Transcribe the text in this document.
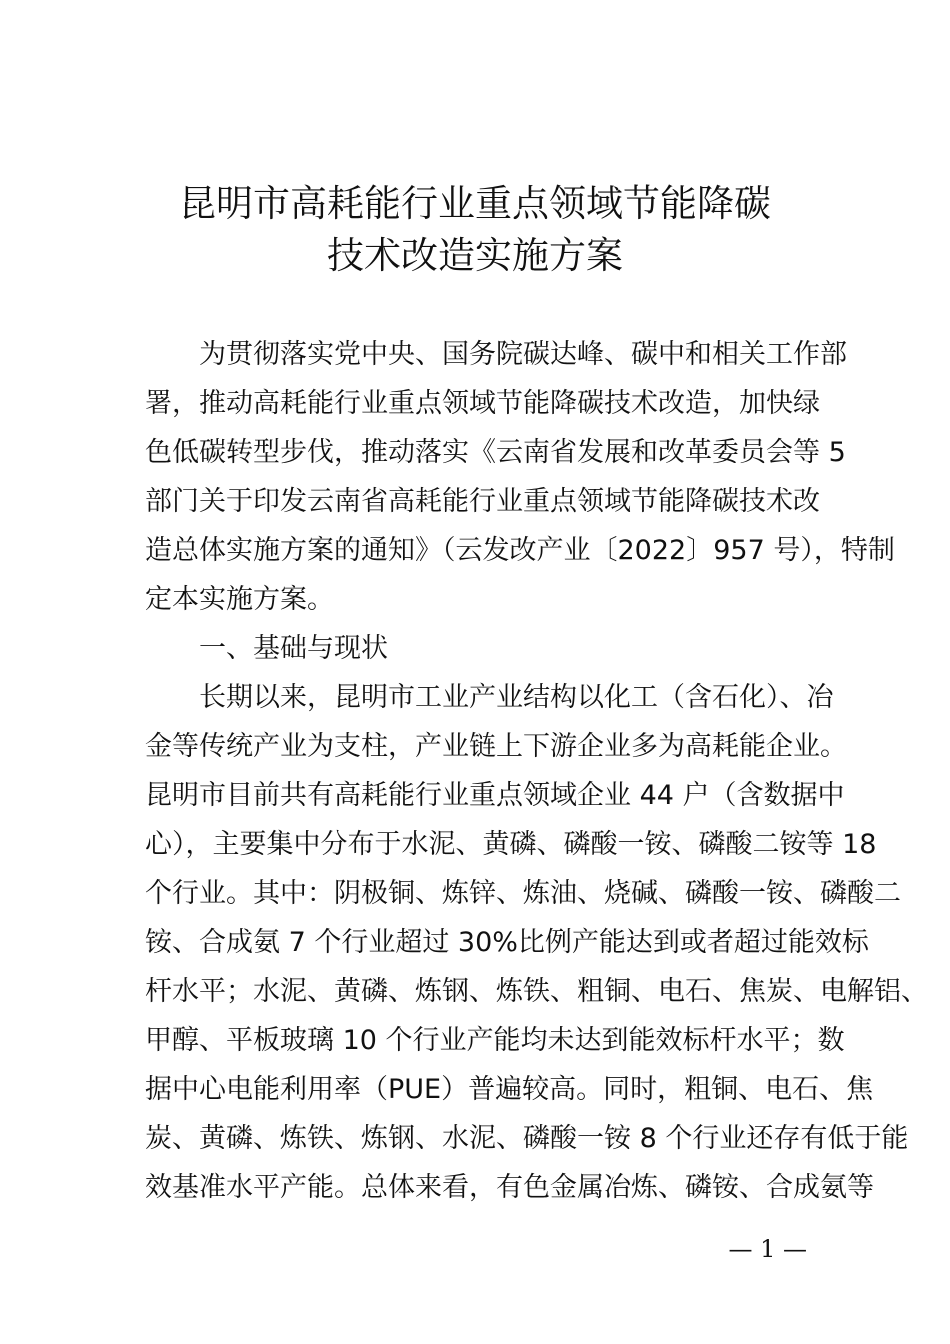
昆明市高耗能行业重点领域节能降碳
技术改造实施方案
为贯彻落实党中央、国务院碳达峰、碳中和相关工作部
署，推动高耗能行业重点领域节能降碳技术改造，加快绿
色低碳转型步伐，推动落实《云南省发展和改革委员会等 5
部门关于印发云南省高耗能行业重点领域节能降碳技术改
造总体实施方案的通知》（云发改产业〔2022〕957 号），特制
定本实施方案。
一、基础与现状
长期以来，昆明市工业产业结构以化工（含石化）、冶
金等传统产业为支柱，产业链上下游企业多为高耗能企业。
昆明市目前共有高耗能行业重点领域企业 44 户（含数据中
心），主要集中分布于水泥、黄磷、磷酸一铵、磷酸二铵等 18
个行业。其中：阴极铜、炼锌、炼油、烧碱、磷酸一铵、磷酸二
铵、合成氨 7 个行业超过 30%比例产能达到或者超过能效标
杆水平；水泥、黄磷、炼钢、炼铁、粗铜、电石、焦炭、电解铝、
甲醇、平板玻璃 10 个行业产能均未达到能效标杆水平；数
据中心电能利用率（PUE）普遍较高。同时，粗铜、电石、焦
炭、黄磷、炼铁、炼钢、水泥、磷酸一铵 8 个行业还存有低于能
效基准水平产能。总体来看，有色金属冶炼、磷铵、合成氨等
— 1 —
